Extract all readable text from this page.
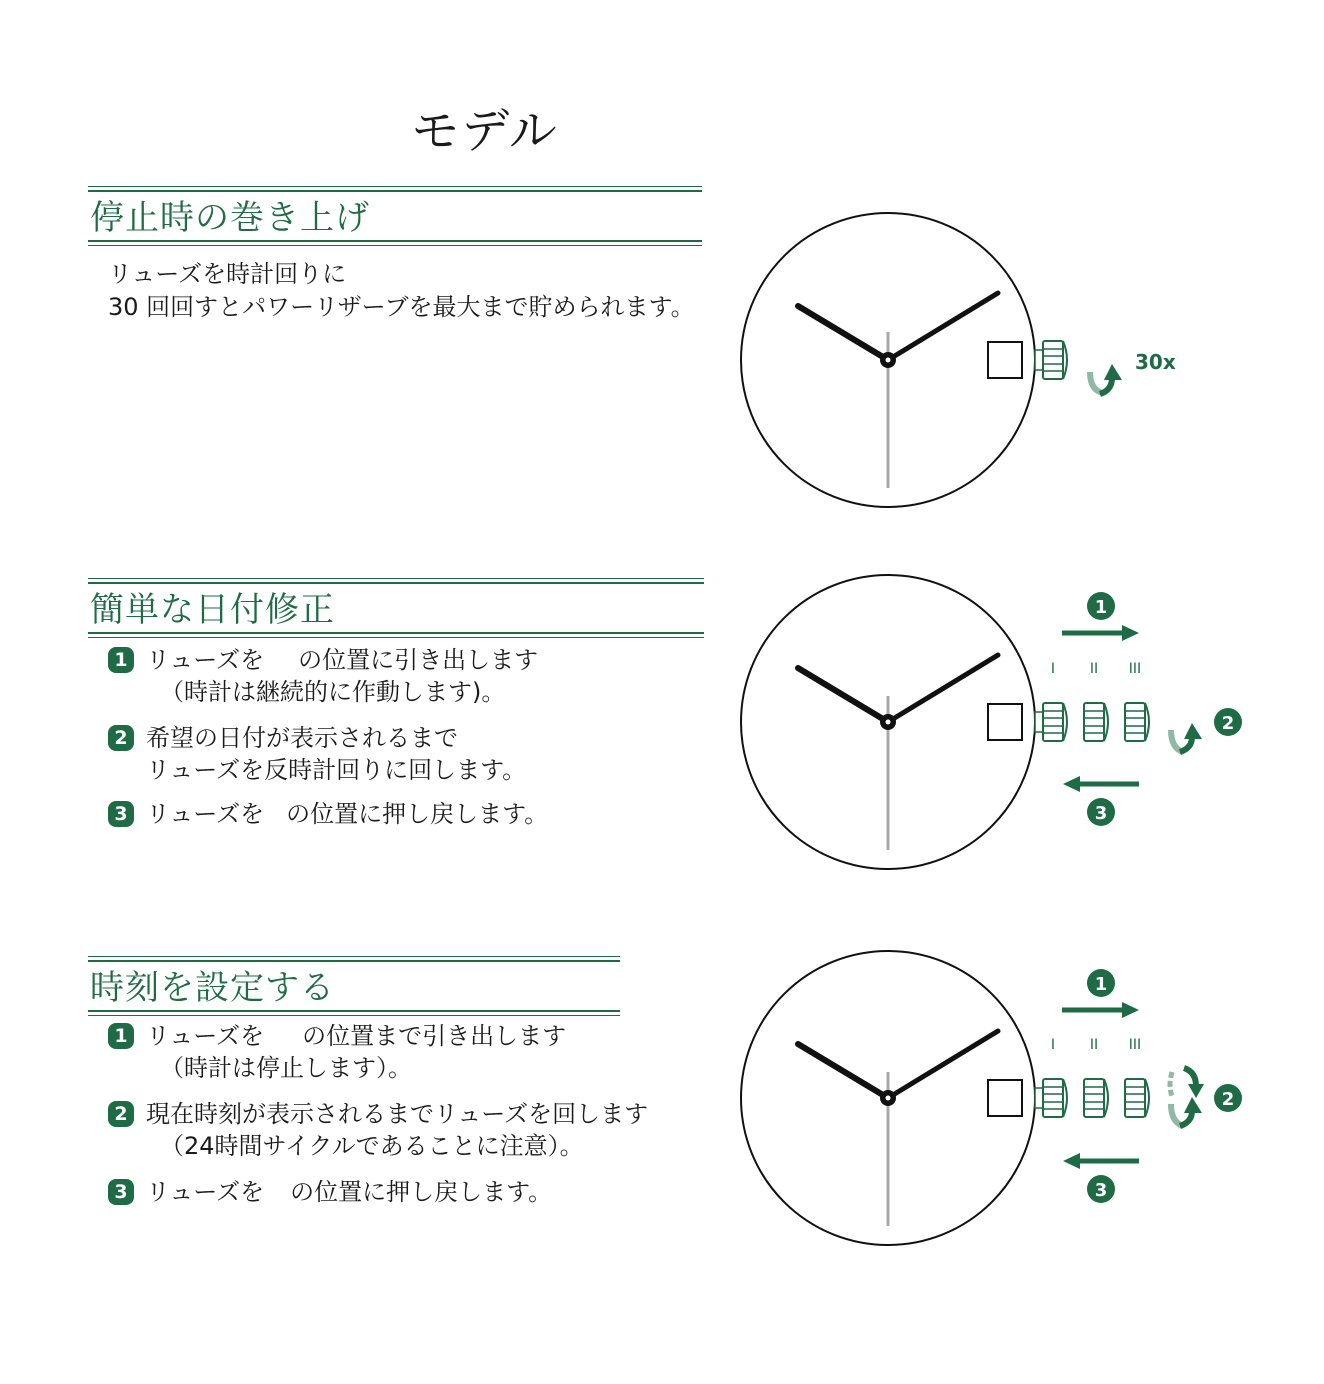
モデル
停止時の巻き上げ
リューズを時計回りに
30 回回すとパワーリザーブを最大まで貯められます。
簡単な日付修正
1 リューズを の位置に引き出します
（時計は継続的に作動します)。
2 希望の日付が表示されるまで
リューズを反時計回りに回します。
3 リューズを の位置に押し戻します。
時刻を設定する
1 リューズを の位置まで引き出します
（時計は停止します）。
2 現在時刻が表示されるまでリューズを回します
（24時間サイクルであることに注意）。
3 リューズを の位置に押し戻します。
30x
I II III
1
2
3
I II III
1
2
3
